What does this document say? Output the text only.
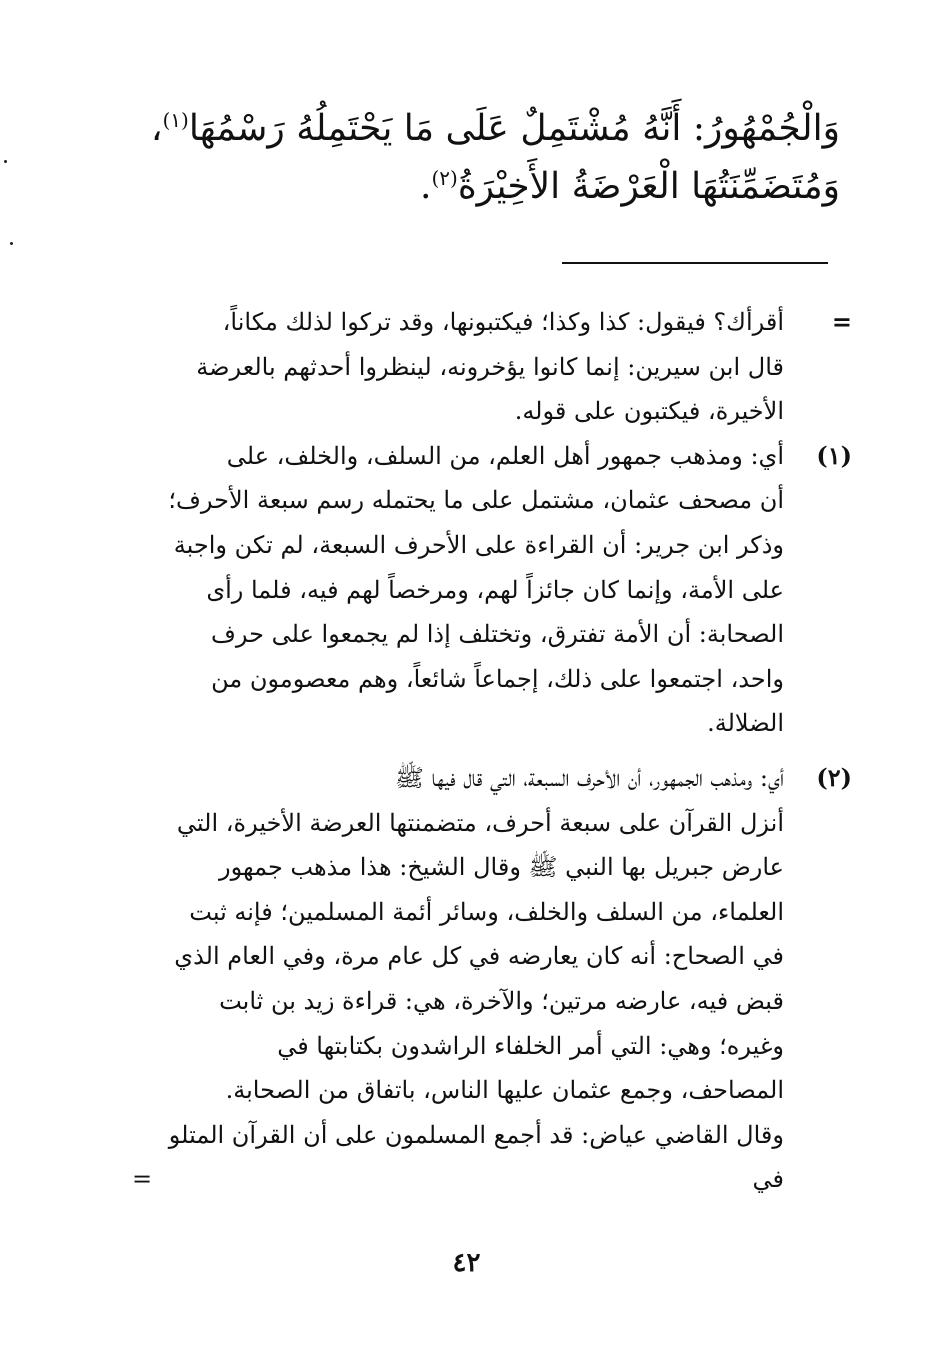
وَالْجُمْهُورُ: أَنَّهُ مُشْتَمِلٌ عَلَى مَا يَحْتَمِلُهُ رَسْمُهَا$^{(١)}$،
وَمُتَضَمِّنَتُهَا الْعَرْضَةُ الأَخِيْرَةُ$^{(٢)}$.
=
أقرأك؟ فيقول: كذا وكذا؛ فيكتبونها، وقد تركوا لذلك مكاناً،
قال ابن سيرين: إنما كانوا يؤخرونه، لينظروا أحدثهم بالعرضة
الأخيرة، فيكتبون على قوله.
(١)
أي: ومذهب جمهور أهل العلم، من السلف، والخلف، على
أن مصحف عثمان، مشتمل على ما يحتمله رسم سبعة الأحرف؛
وذكر ابن جرير: أن القراءة على الأحرف السبعة، لم تكن واجبة
على الأمة، وإنما كان جائزاً لهم، ومرخصاً لهم فيه، فلما رأى
الصحابة: أن الأمة تفترق، وتختلف إذا لم يجمعوا على حرف
واحد، اجتمعوا على ذلك، إجماعاً شائعاً، وهم معصومون من
الضلالة.
(٢)
أي: ومذهب الجمهور، أن الأحرف السبعة، التي قال فيها ﷺ
أنزل القرآن على سبعة أحرف، متضمنتها العرضة الأخيرة، التي
عارض جبريل بها النبي ﷺ وقال الشيخ: هذا مذهب جمهور
العلماء، من السلف والخلف، وسائر أئمة المسلمين؛ فإنه ثبت
في الصحاح: أنه كان يعارضه في كل عام مرة، وفي العام الذي
قبض فيه، عارضه مرتين؛ والآخرة، هي: قراءة زيد بن ثابت
وغيره؛ وهي: التي أمر الخلفاء الراشدون بكتابتها في
المصاحف، وجمع عثمان عليها الناس، باتفاق من الصحابة.
وقال القاضي عياض: قد أجمع المسلمون على أن القرآن المتلو في
=
٤٢
